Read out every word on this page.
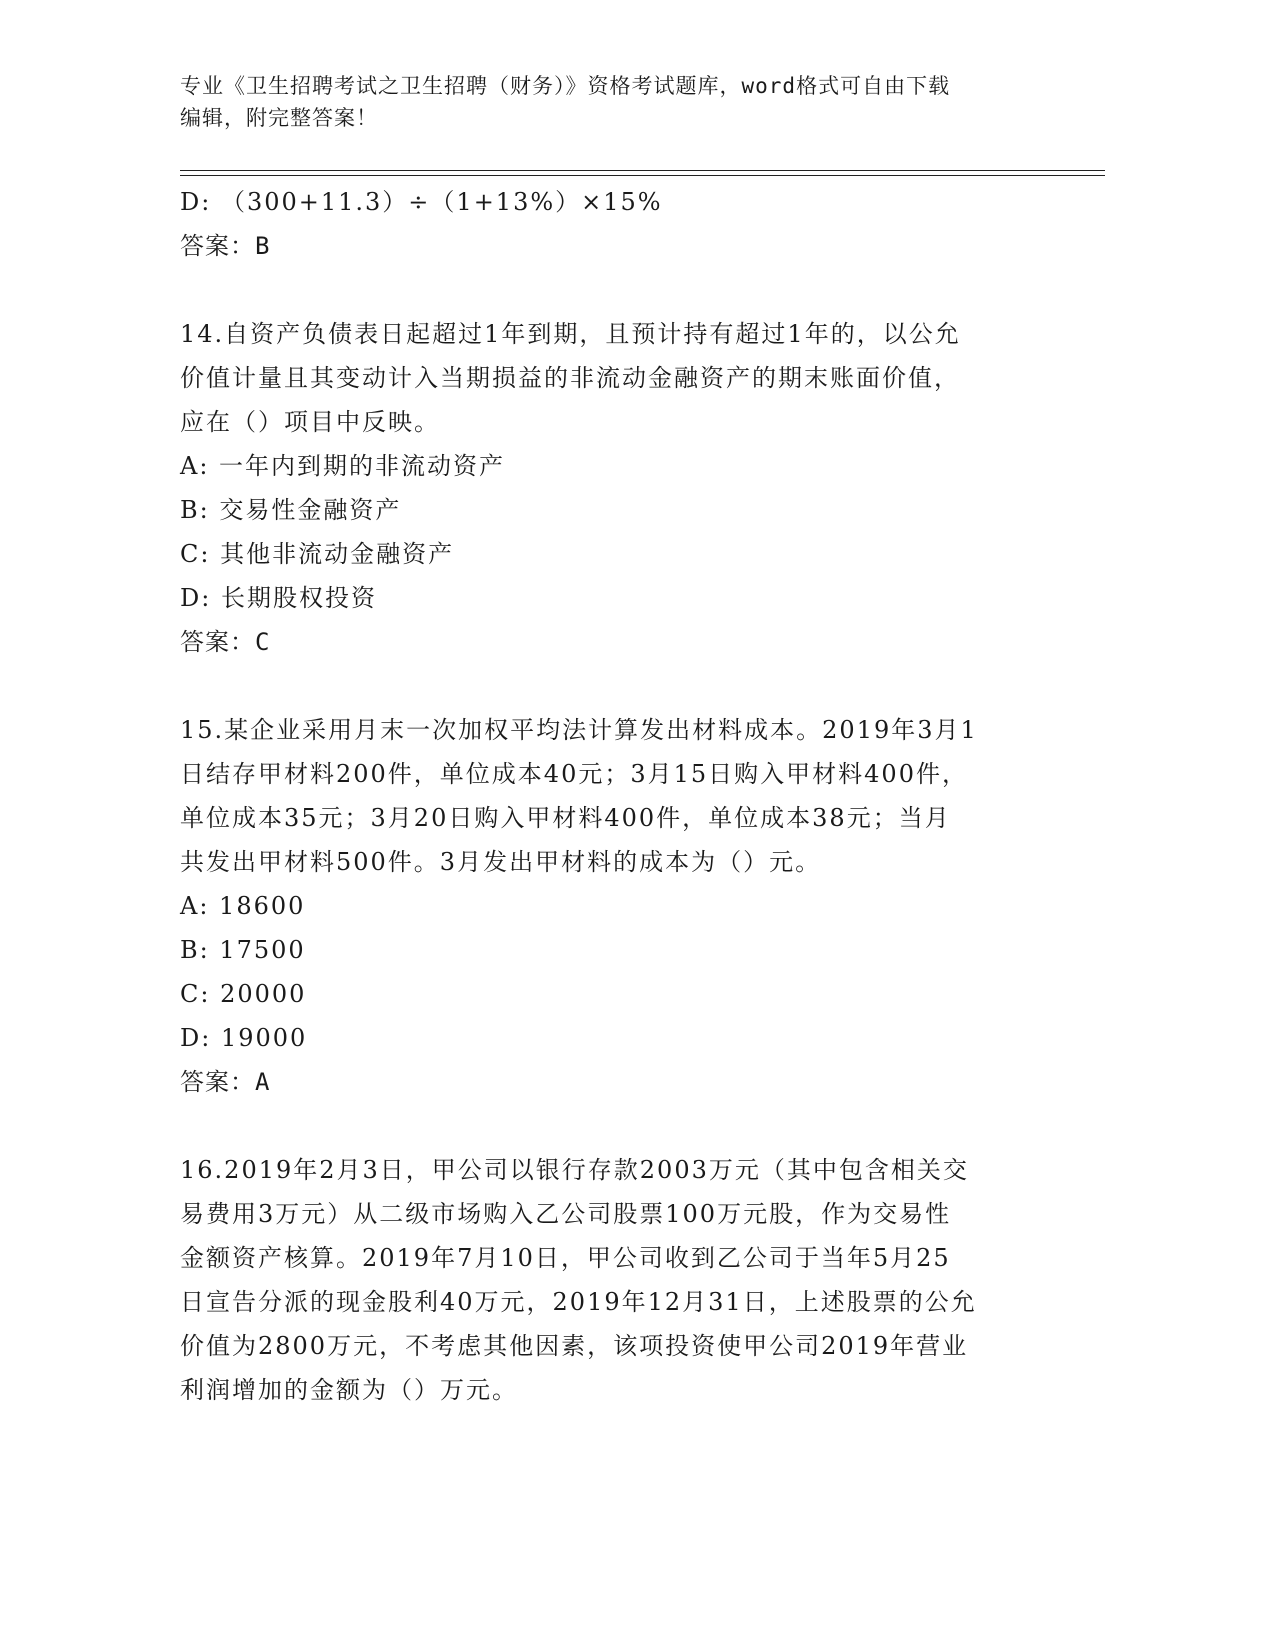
专业《卫生招聘考试之卫生招聘（财务）》资格考试题库，word格式可自由下载
编辑，附完整答案！
D: （300+11.3）÷（1+13%）×15%
答案：B
14.自资产负债表日起超过1年到期，且预计持有超过1年的，以公允
价值计量且其变动计入当期损益的非流动金融资产的期末账面价值，
应在（）项目中反映。
A: 一年内到期的非流动资产
B: 交易性金融资产
C: 其他非流动金融资产
D: 长期股权投资
答案：C
15.某企业采用月末一次加权平均法计算发出材料成本。2019年3月1
日结存甲材料200件，单位成本40元；3月15日购入甲材料400件，
单位成本35元；3月20日购入甲材料400件，单位成本38元；当月
共发出甲材料500件。3月发出甲材料的成本为（）元。
A: 18600
B: 17500
C: 20000
D: 19000
答案：A
16.2019年2月3日，甲公司以银行存款2003万元（其中包含相关交
易费用3万元）从二级市场购入乙公司股票100万元股，作为交易性
金额资产核算。2019年7月10日，甲公司收到乙公司于当年5月25
日宣告分派的现金股利40万元，2019年12月31日，上述股票的公允
价值为2800万元，不考虑其他因素，该项投资使甲公司2019年营业
利润增加的金额为（）万元。
